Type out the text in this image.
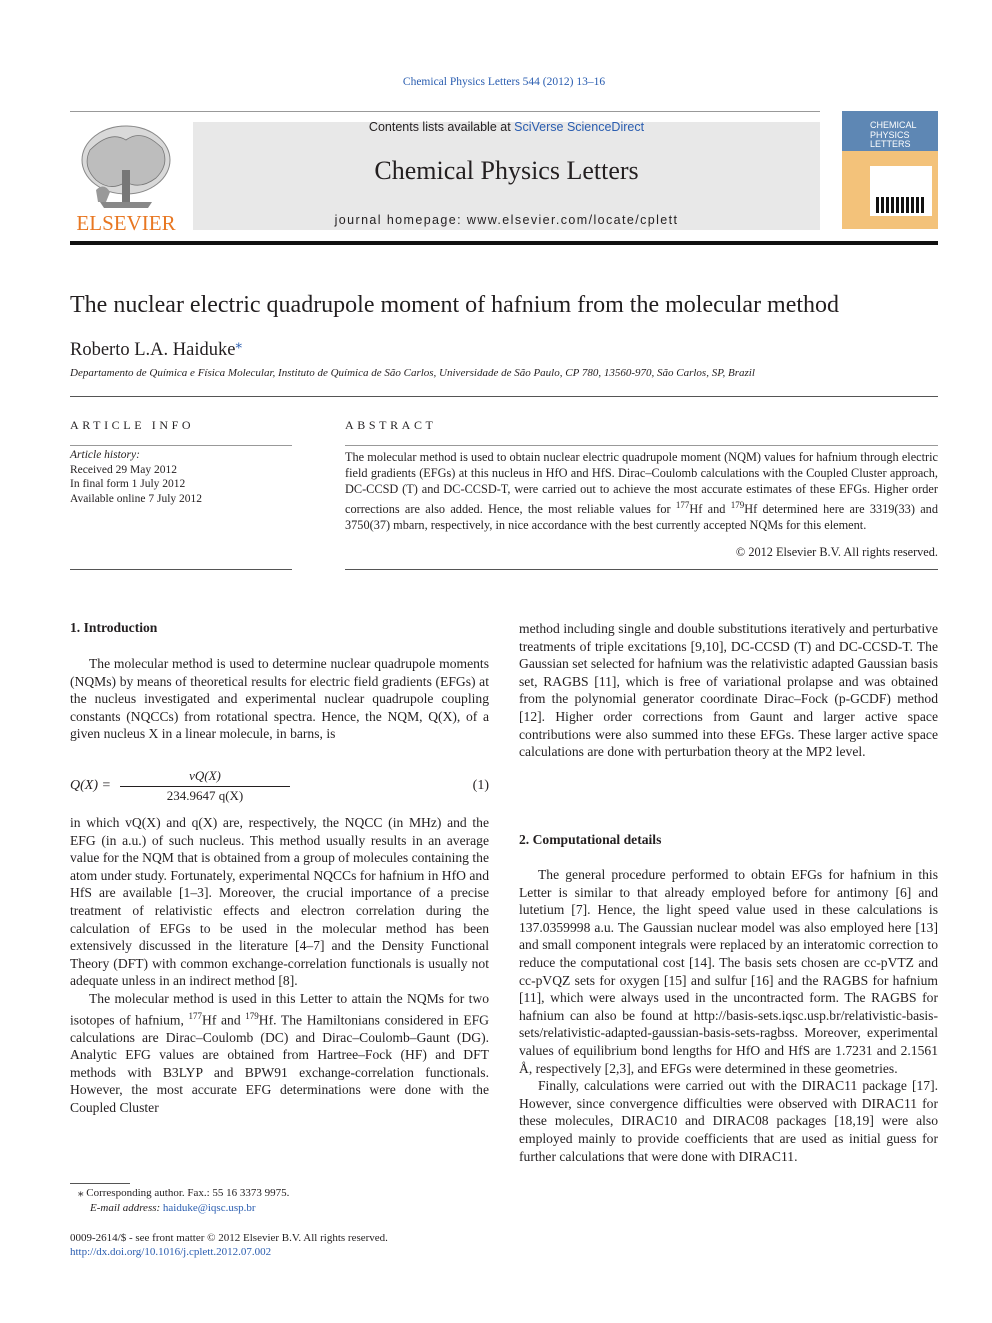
Chemical Physics Letters 544 (2012) 13–16
ELSEVIER
Contents lists available at SciVerse ScienceDirect
Chemical Physics Letters
journal homepage: www.elsevier.com/locate/cplett
CHEMICAL
PHYSICS
LETTERS
The nuclear electric quadrupole moment of hafnium from the molecular method
Roberto L.A. Haiduke⁎
Departamento de Química e Física Molecular, Instituto de Química de São Carlos, Universidade de São Paulo, CP 780, 13560-970, São Carlos, SP, Brazil
ARTICLE INFO
Article history:
Received 29 May 2012
In final form 1 July 2012
Available online 7 July 2012
ABSTRACT
The molecular method is used to obtain nuclear electric quadrupole moment (NQM) values for hafnium through electric field gradients (EFGs) at this nucleus in HfO and HfS. Dirac–Coulomb calculations with the Coupled Cluster approach, DC-CCSD (T) and DC-CCSD-T, were carried out to achieve the most accurate estimates of these EFGs. Higher order corrections are also added. Hence, the most reliable values for $^{177}$Hf and $^{179}$Hf determined here are 3319(33) and 3750(37) mbarn, respectively, in nice accordance with the best currently accepted NQMs for this element.
© 2012 Elsevier B.V. All rights reserved.
1. Introduction

The molecular method is used to determine nuclear quadrupole moments (NQMs) by means of theoretical results for electric field gradients (EFGs) at the nucleus investigated and experimental nuclear quadrupole coupling constants (NQCCs) from rotational spectra. Hence, the NQM, Q(X), of a given nucleus X in a linear molecule, in barns, is

Q(X) =
vQ(X)
234.9647 q(X)
(1)

in which vQ(X) and q(X) are, respectively, the NQCC (in MHz) and the EFG (in a.u.) of such nucleus. This method usually results in an average value for the NQM that is obtained from a group of molecules containing the atom under study. Fortunately, experimental NQCCs for hafnium in HfO and HfS are available [1–3]. Moreover, the crucial importance of a precise treatment of relativistic effects and electron correlation during the calculation of EFGs to be used in the molecular method has been extensively discussed in the literature [4–7] and the Density Functional Theory (DFT) with common exchange-correlation functionals is usually not adequate unless in an indirect method [8].

The molecular method is used in this Letter to attain the NQMs for two isotopes of hafnium, $^{177}$Hf and $^{179}$Hf. The Hamiltonians considered in EFG calculations are Dirac–Coulomb (DC) and Dirac–Coulomb–Gaunt (DG). Analytic EFG values are obtained from Hartree–Fock (HF) and DFT methods with B3LYP and BPW91 exchange-correlation functionals. However, the most accurate EFG determinations were done with the Coupled Cluster

⁎ Corresponding author. Fax.: 55 16 3373 9975.
E-mail address: haiduke@iqsc.usp.br
0009-2614/$ - see front matter © 2012 Elsevier B.V. All rights reserved.
http://dx.doi.org/10.1016/j.cplett.2012.07.002

method including single and double substitutions iteratively and perturbative treatments of triple excitations [9,10], DC-CCSD (T) and DC-CCSD-T. The Gaussian set selected for hafnium was the relativistic adapted Gaussian basis set, RAGBS [11], which is free of variational prolapse and was obtained from the polynomial generator coordinate Dirac–Fock (p-GCDF) method [12]. Higher order corrections from Gaunt and larger active space contributions were also summed into these EFGs. These larger active space calculations are done with perturbation theory at the MP2 level.

2. Computational details

The general procedure performed to obtain EFGs for hafnium in this Letter is similar to that already employed before for antimony [6] and lutetium [7]. Hence, the light speed value used in these calculations is 137.0359998 a.u. The Gaussian nuclear model was also employed here [13] and small component integrals were replaced by an interatomic correction to reduce the computational cost [14]. The basis sets chosen are cc-pVTZ and cc-pVQZ sets for oxygen [15] and sulfur [16] and the RAGBS for hafnium [11], which were always used in the uncontracted form. The RAGBS for hafnium can also be found at http://basis-sets.iqsc.usp.br/relativistic-basis-sets/relativistic-adapted-gaussian-basis-sets-ragbss. Moreover, experimental values of equilibrium bond lengths for HfO and HfS are 1.7231 and 2.1561 Å, respectively [2,3], and EFGs were determined in these geometries.

Finally, calculations were carried out with the DIRAC11 package [17]. However, since convergence difficulties were observed with DIRAC11 for these molecules, DIRAC10 and DIRAC08 packages [18,19] were also employed mainly to provide coefficients that are used as initial guess for further calculations that were done with DIRAC11.
